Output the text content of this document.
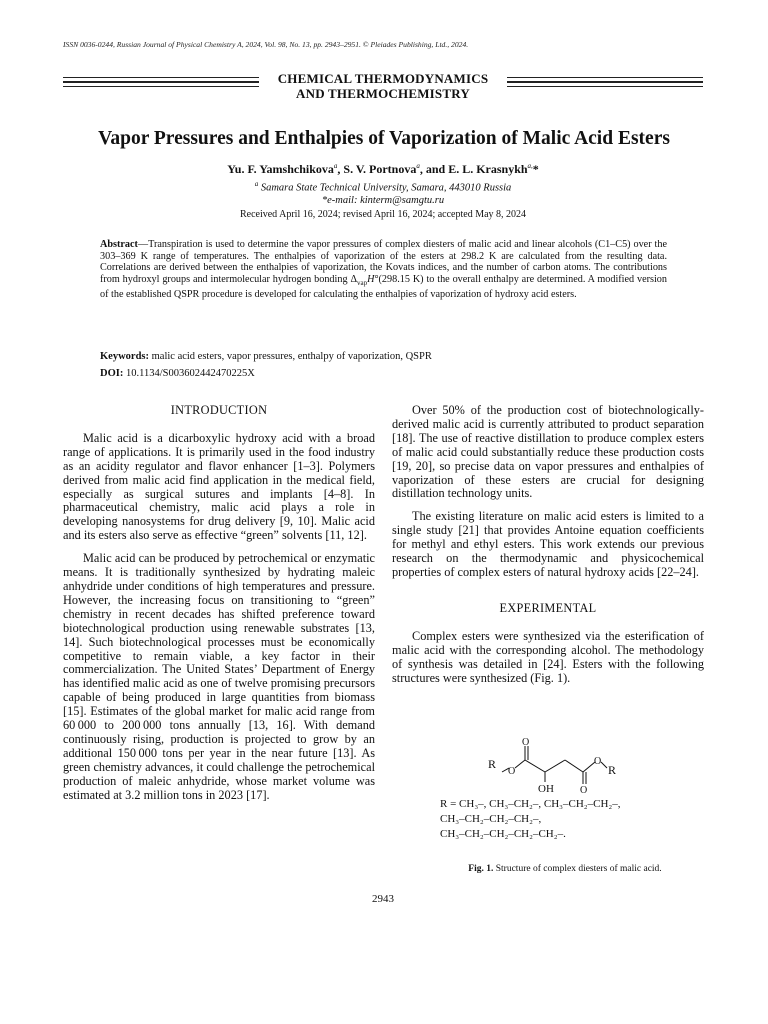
ISSN 0036-0244, Russian Journal of Physical Chemistry A, 2024, Vol. 98, No. 13, pp. 2943–2951. © Pleiades Publishing, Ltd., 2024.
CHEMICAL THERMODYNAMICS
AND THERMOCHEMISTRY
Vapor Pressures and Enthalpies of Vaporization of Malic Acid Esters
Yu. F. Yamshchikova$^a$, S. V. Portnova$^a$, and E. L. Krasnykh$^{a,}$*
$^a$ Samara State Technical University, Samara, 443010 Russia
*e-mail: kinterm@samgtu.ru
Received April 16, 2024; revised April 16, 2024; accepted May 8, 2024
Abstract—Transpiration is used to determine the vapor pressures of complex diesters of malic acid and linear alcohols (C1–C5) over the 303–369 K range of temperatures. The enthalpies of vaporization of the esters at 298.2 K are calculated from the resulting data. Correlations are derived between the enthalpies of vaporization, the Kovats indices, and the number of carbon atoms. The contributions from hydroxyl groups and intermolecular hydrogen bonding $\Delta_{vap}H^\circ(298.15$ K) to the overall enthalpy are determined. A modified version of the established QSPR procedure is developed for calculating the enthalpies of vaporization of hydroxy acid esters.
Keywords: malic acid esters, vapor pressures, enthalpy of vaporization, QSPR
DOI: 10.1134/S003602442470225X
INTRODUCTION

Malic acid is a dicarboxylic hydroxy acid with a broad range of applications. It is primarily used in the food industry as an acidity regulator and flavor enhancer [1–3]. Polymers derived from malic acid find application in the medical field, especially as surgical sutures and implants [4–8]. In pharmaceutical chemistry, malic acid plays a role in developing nanosystems for drug delivery [9, 10]. Malic acid and its esters also serve as effective “green” solvents [11, 12].

Malic acid can be produced by petrochemical or enzymatic means. It is traditionally synthesized by hydrating maleic anhydride under conditions of high temperatures and pressure. However, the increasing focus on transitioning to “green” chemistry in recent decades has shifted preference toward biotechnological production using renewable substrates [13, 14]. Such biotechnological processes must be economically competitive to remain viable, a key factor in their commercialization. The United States’ Department of Energy has identified malic acid as one of twelve promising precursors capable of being produced in large quantities from biomass [15]. Estimates of the global market for malic acid range from 60 000 to 200 000 tons annually [13, 16]. With demand continuously rising, production is projected to grow by an additional 150 000 tons per year in the near future [13]. As green chemistry advances, it could challenge the petrochemical production of maleic anhydride, whose market volume was estimated at 3.2 million tons in 2023 [17].

Over 50% of the production cost of biotechnologically-derived malic acid is currently attributed to product separation [18]. The use of reactive distillation to produce complex esters of malic acid could substantially reduce these production costs [19, 20], so precise data on vapor pressures and enthalpies of vaporization of these esters are crucial for designing distillation technology units.

The existing literature on malic acid esters is limited to a single study [21] that provides Antoine equation coefficients for methyl and ethyl esters. This work extends our previous research on the thermodynamic and physicochemical properties of complex esters of natural hydroxy acids [22–24].

EXPERIMENTAL

Complex esters were synthesized via the esterification of malic acid with the corresponding alcohol. The methodology of synthesis was detailed in [24]. Esters with the following structures were synthesized (Fig. 1).

R
O
O
OH	O
O
R
R = CH₃–, CH₃–CH₂–, CH₃–CH₂–CH₂–,
CH₃–CH₂–CH₂–CH₂–,
CH₃–CH₂–CH₂–CH₂–CH₂–.
Fig. 1. Structure of complex diesters of malic acid.
2943
